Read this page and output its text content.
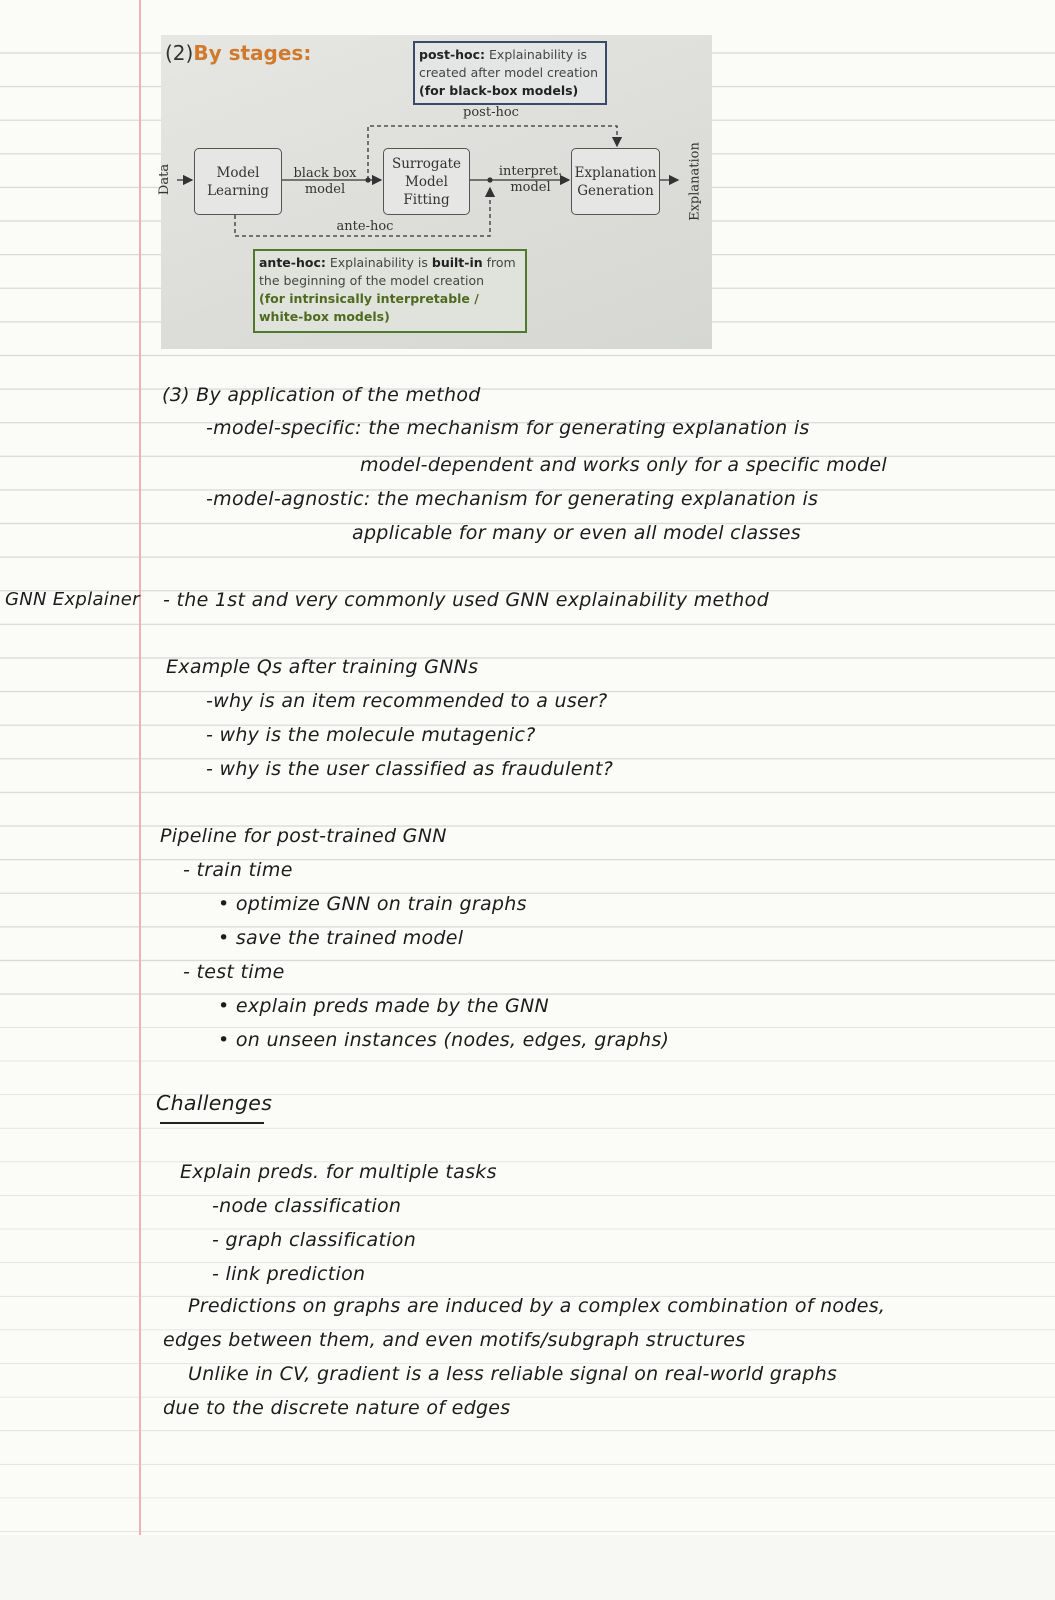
(2)By stages:	post-hoc: Explainability is created after model creation
(for black-box models)
Data	Model Learning
black box model
Surrogate Model Fitting
interpret. model
Explanation Generation	Explanation
post-hoc
ante-hoc
ante-hoc: Explainability is built-in from the beginning of the model creation
(for intrinsically interpretable / white-box models)
(3) By application of the method
-model-specific: the mechanism for generating explanation is
model-dependent and works only for a specific model
-model-agnostic: the mechanism for generating explanation is
applicable for many or even all model classes
GNN Explainer - the 1st and very commonly used GNN explainability method
Example Qs after training GNNs
-why is an item recommended to a user?
- why is the molecule mutagenic?
- why is the user classified as fraudulent?
Pipeline for post-trained GNN
- train time
• optimize GNN on train graphs
• save the trained model
- test time
• explain preds made by the GNN
• on unseen instances (nodes, edges, graphs)
Challenges
Explain preds. for multiple tasks
-node classification
- graph classification
- link prediction
Predictions on graphs are induced by a complex combination of nodes,
edges between them, and even motifs/subgraph structures
Unlike in CV, gradient is a less reliable signal on real-world graphs
due to the discrete nature of edges
